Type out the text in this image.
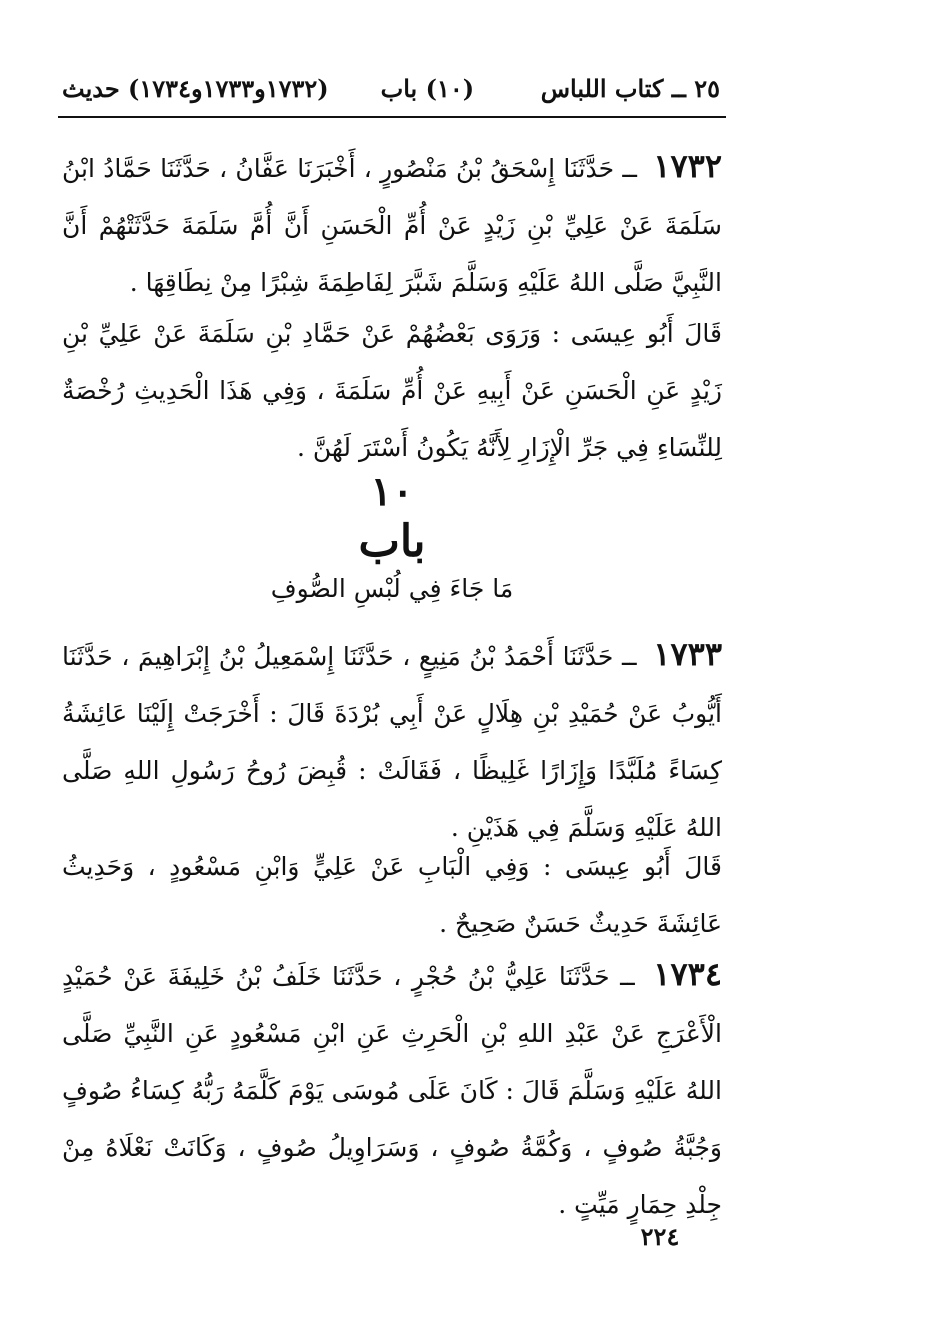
٢٥ ــ كتاب اللباس
(١٠) باب
(١٧٣٢و١٧٣٣و١٧٣٤) حديث
١٧٣٢ ــ حَدَّثَنَا إِسْحَقُ بْنُ مَنْصُورٍ ، أَخْبَرَنَا عَفَّانُ ، حَدَّثَنَا حَمَّادُ ابْنُ سَلَمَةَ عَنْ عَلِيِّ بْنِ زَيْدٍ عَنْ أُمِّ الْحَسَنِ أَنَّ أُمَّ سَلَمَةَ حَدَّثَتْهُمْ أَنَّ النَّبِيَّ صَلَّى اللهُ عَلَيْهِ وَسَلَّمَ شَبَّرَ لِفَاطِمَةَ شِبْرًا مِنْ نِطَاقِهَا .
قَالَ أَبُو عِيسَى : وَرَوَى بَعْضُهُمْ عَنْ حَمَّادِ بْنِ سَلَمَةَ عَنْ عَلِيِّ بْنِ زَيْدٍ عَنِ الْحَسَنِ عَنْ أَبِيهِ عَنْ أُمِّ سَلَمَةَ ، وَفِي هَذَا الْحَدِيثِ رُخْصَةٌ لِلنِّسَاءِ فِي جَرِّ الْإِزَارِ لِأَنَّهُ يَكُونُ أَسْتَرَ لَهُنَّ .
١٠
باب
مَا جَاءَ فِي لُبْسِ الصُّوفِ
١٧٣٣ ــ حَدَّثَنَا أَحْمَدُ بْنُ مَنِيعٍ ، حَدَّثَنَا إِسْمَعِيلُ بْنُ إِبْرَاهِيمَ ، حَدَّثَنَا أَيُّوبُ عَنْ حُمَيْدِ بْنِ هِلَالٍ عَنْ أَبِي بُرْدَةَ قَالَ : أَخْرَجَتْ إِلَيْنَا عَائِشَةُ كِسَاءً مُلَبَّدًا وَإِزَارًا غَلِيظًا ، فَقَالَتْ : قُبِضَ رُوحُ رَسُولِ اللهِ صَلَّى اللهُ عَلَيْهِ وَسَلَّمَ فِي هَذَيْنِ .
قَالَ أَبُو عِيسَى : وَفِي الْبَابِ عَنْ عَلِيٍّ وَابْنِ مَسْعُودٍ ، وَحَدِيثُ عَائِشَةَ حَدِيثٌ حَسَنٌ صَحِيحٌ .
١٧٣٤ ــ حَدَّثَنَا عَلِيُّ بْنُ حُجْرٍ ، حَدَّثَنَا خَلَفُ بْنُ خَلِيفَةَ عَنْ حُمَيْدٍ الْأَعْرَجِ عَنْ عَبْدِ اللهِ بْنِ الْحَرِثِ عَنِ ابْنِ مَسْعُودٍ عَنِ النَّبِيِّ صَلَّى اللهُ عَلَيْهِ وَسَلَّمَ قَالَ : كَانَ عَلَى مُوسَى يَوْمَ كَلَّمَهُ رَبُّهُ كِسَاءُ صُوفٍ وَجُبَّةُ صُوفٍ ، وَكُمَّةُ صُوفٍ ، وَسَرَاوِيلُ صُوفٍ ، وَكَانَتْ نَعْلَاهُ مِنْ جِلْدِ حِمَارٍ مَيِّتٍ .
٢٢٤
